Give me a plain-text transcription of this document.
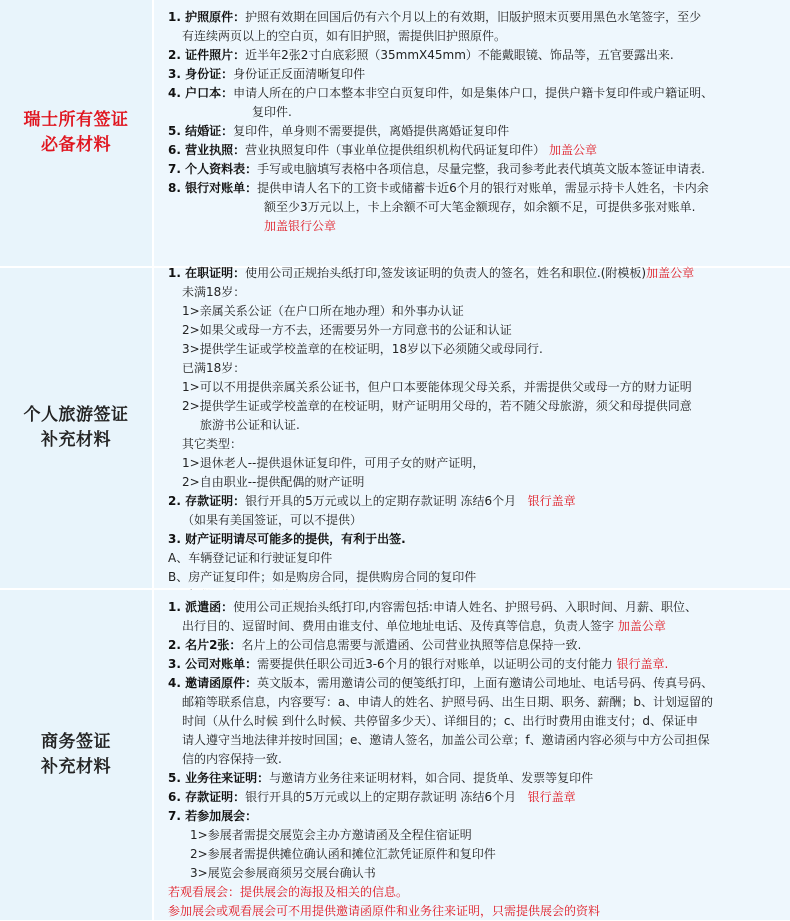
瑞士所有签证
必备材料
1. 护照原件：护照有效期在回国后仍有六个月以上的有效期，旧版护照末页要用黑色水笔签字，至少
有连续两页以上的空白页，如有旧护照，需提供旧护照原件。
2. 证件照片：近半年2张2寸白底彩照（35mmX45mm）不能戴眼镜、饰品等，五官要露出来.
3. 身份证：身份证正反面清晰复印件
4. 户口本：申请人所在的户口本整本非空白页复印件，如是集体户口，提供户籍卡复印件或户籍证明、
复印件.
5. 结婚证：复印件，单身则不需要提供，离婚提供离婚证复印件
6. 营业执照：营业执照复印件（事业单位提供组织机构代码证复印件） 加盖公章
7. 个人资料表：手写或电脑填写表格中各项信息，尽量完整，我司参考此表代填英文版本签证申请表.
8. 银行对账单：提供申请人名下的工资卡或储蓄卡近6个月的银行对账单，需显示持卡人姓名，卡内余
额至少3万元以上，卡上余额不可大笔金额现存，如余额不足，可提供多张对账单.
加盖银行公章
个人旅游签证
补充材料
1. 在职证明：使用公司正规抬头纸打印,签发该证明的负责人的签名，姓名和职位.(附模板)加盖公章
未满18岁：
1>亲属关系公证（在户口所在地办理）和外事办认证
2>如果父或母一方不去，还需要另外一方同意书的公证和认证
3>提供学生证或学校盖章的在校证明，18岁以下必须随父或母同行.
已满18岁：
1>可以不用提供亲属关系公证书，但户口本要能体现父母关系，并需提供父或母一方的财力证明
2>提供学生证或学校盖章的在校证明，财产证明用父母的，若不随父母旅游，须父和母提供同意
旅游书公证和认证.
其它类型：
1>退休老人--提供退休证复印件，可用子女的财产证明，
2>自由职业--提供配偶的财产证明
2. 存款证明：银行开具的5万元或以上的定期存款证明 冻结6个月 银行盖章
（如果有美国签证，可以不提供）
3. 财产证明请尽可能多的提供，有利于出签.
A、车辆登记证和行驶证复印件
B、房产证复印件；如是购房合同，提供购房合同的复印件
商务签证
补充材料
1. 派遣函：使用公司正规抬头纸打印,内容需包括:申请人姓名、护照号码、入职时间、月薪、职位、
出行目的、逗留时间、费用由谁支付、单位地址电话、及传真等信息，负责人签字 加盖公章
2. 名片2张：名片上的公司信息需要与派遣函、公司营业执照等信息保持一致.
3. 公司对账单：需要提供任职公司近3-6个月的银行对账单，以证明公司的支付能力 银行盖章.
4. 邀请函原件：英文版本，需用邀请公司的便笺纸打印，上面有邀请公司地址、电话号码、传真号码、
邮箱等联系信息，内容要写：a、申请人的姓名、护照号码、出生日期、职务、薪酬；b、计划逗留的
时间（从什么时候 到什么时候、共停留多少天）、详细目的；c、出行时费用由谁支付；d、保证申
请人遵守当地法律并按时回国；e、邀请人签名，加盖公司公章；f、邀请函内容必须与中方公司担保
信的内容保持一致.
5. 业务往来证明：与邀请方业务往来证明材料，如合同、提货单、发票等复印件
6. 存款证明：银行开具的5万元或以上的定期存款证明 冻结6个月 银行盖章
7. 若参加展会：
1>参展者需提交展览会主办方邀请函及全程住宿证明
2>参展者需提供摊位确认函和摊位汇款凭证原件和复印件
3>展览会参展商须另交展台确认书
若观看展会：提供展会的海报及相关的信息。
参加展会或观看展会可不用提供邀请函原件和业务往来证明，只需提供展会的资料
